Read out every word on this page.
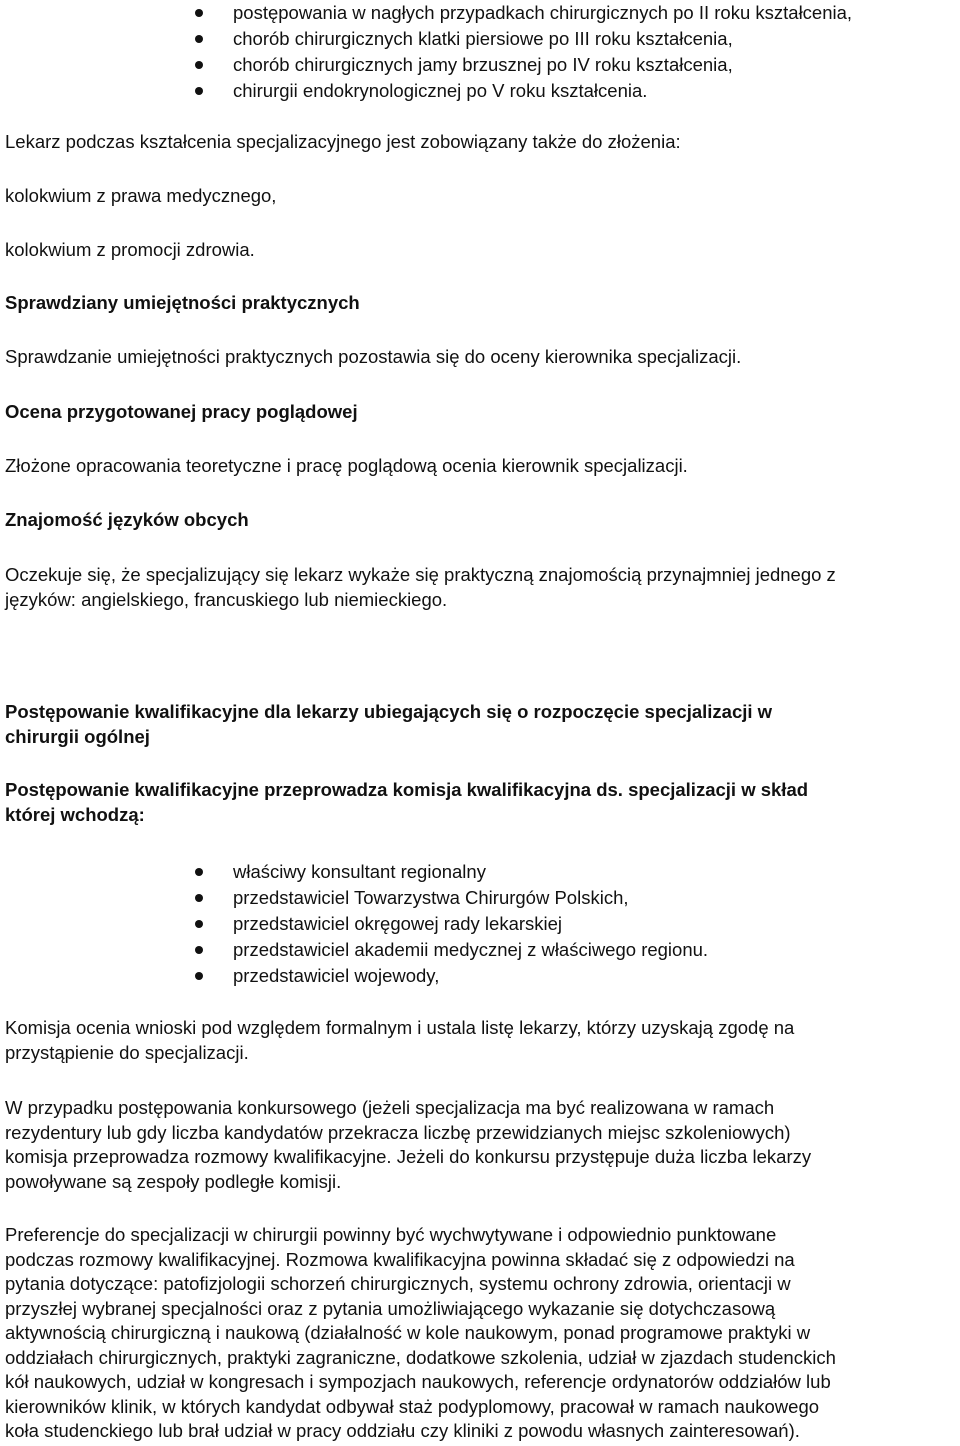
postępowania w nagłych przypadkach chirurgicznych po II roku kształcenia,
chorób chirurgicznych klatki piersiowe po III roku kształcenia,
chorób chirurgicznych jamy brzusznej po IV roku kształcenia,
chirurgii endokrynologicznej po V roku kształcenia.

Lekarz podczas kształcenia specjalizacyjnego jest zobowiązany także do złożenia:

kolokwium z prawa medycznego,

kolokwium z promocji zdrowia.

Sprawdziany umiejętności praktycznych

Sprawdzanie umiejętności praktycznych pozostawia się do oceny kierownika specjalizacji.

Ocena przygotowanej pracy poglądowej

Złożone opracowania teoretyczne i pracę poglądową ocenia kierownik specjalizacji.

Znajomość języków obcych

Oczekuje się, że specjalizujący się lekarz wykaże się praktyczną znajomością przynajmniej jednego z
języków: angielskiego, francuskiego lub niemieckiego.
Postępowanie kwalifikacyjne dla lekarzy ubiegających się o rozpoczęcie specjalizacji w
chirurgii ogólnej
Postępowanie kwalifikacyjne przeprowadza komisja kwalifikacyjna ds. specjalizacji w skład
której wchodzą:
właściwy konsultant regionalny
przedstawiciel Towarzystwa Chirurgów Polskich,
przedstawiciel okręgowej rady lekarskiej
przedstawiciel akademii medycznej z właściwego regionu.
przedstawiciel wojewody,
Komisja ocenia wnioski pod względem formalnym i ustala listę lekarzy, którzy uzyskają zgodę na
przystąpienie do specjalizacji.
W przypadku postępowania konkursowego (jeżeli specjalizacja ma być realizowana w ramach
rezydentury lub gdy liczba kandydatów przekracza liczbę przewidzianych miejsc szkoleniowych)
komisja przeprowadza rozmowy kwalifikacyjne. Jeżeli do konkursu przystępuje duża liczba lekarzy
powoływane są zespoły podległe komisji.
Preferencje do specjalizacji w chirurgii powinny być wychwytywane i odpowiednio punktowane
podczas rozmowy kwalifikacyjnej. Rozmowa kwalifikacyjna powinna składać się z odpowiedzi na
pytania dotyczące: patofizjologii schorzeń chirurgicznych, systemu ochrony zdrowia, orientacji w
przyszłej wybranej specjalności oraz z pytania umożliwiającego wykazanie się dotychczasową
aktywnością chirurgiczną i naukową (działalność w kole naukowym, ponad programowe praktyki w
oddziałach chirurgicznych, praktyki zagraniczne, dodatkowe szkolenia, udział w zjazdach studenckich
kół naukowych, udział w kongresach i sympozjach naukowych, referencje ordynatorów oddziałów lub
kierowników klinik, w których kandydat odbywał staż podyplomowy, pracował w ramach naukowego
koła studenckiego lub brał udział w pracy oddziału czy kliniki z powodu własnych zainteresowań).
